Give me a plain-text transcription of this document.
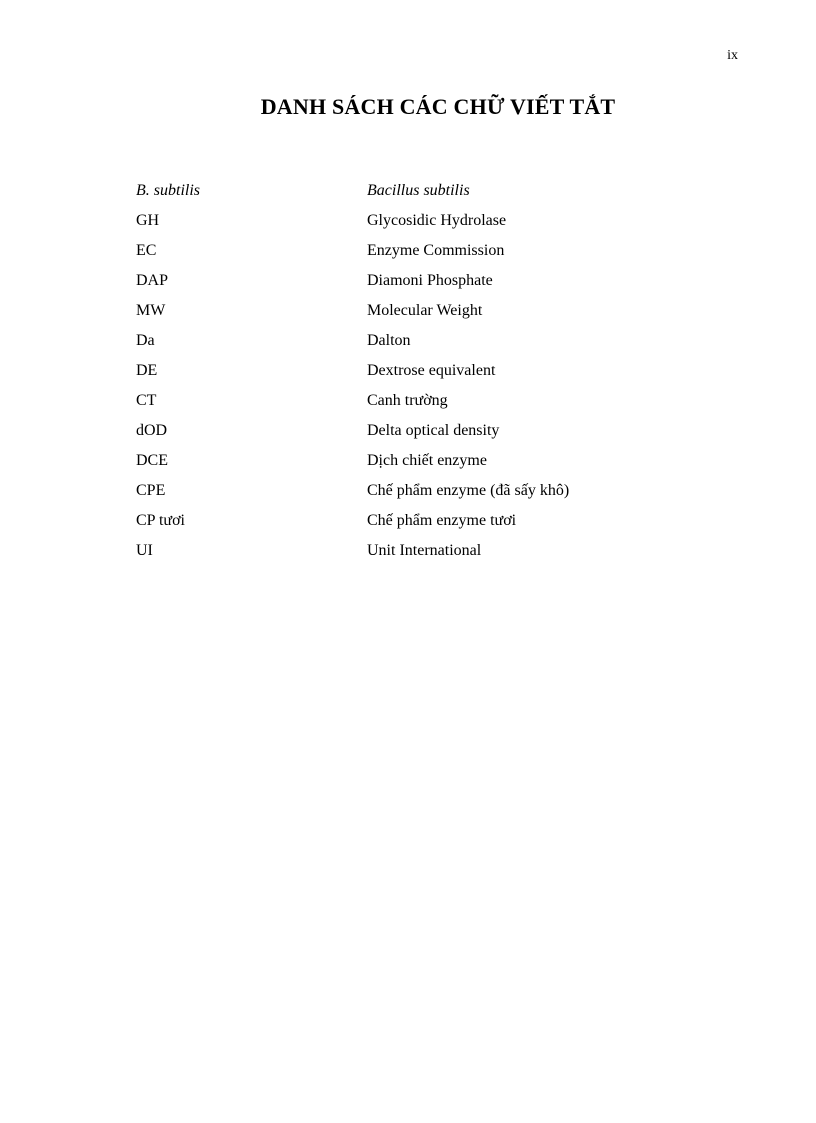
ix
DANH SÁCH CÁC CHỮ VIẾT TẮT
B. subtilis	Bacillus subtilis
GH	Glycosidic Hydrolase
EC	Enzyme Commission
DAP	Diamoni Phosphate
MW	Molecular Weight
Da	Dalton
DE	Dextrose equivalent
CT	Canh trường
dOD	Delta optical density
DCE	Dịch chiết enzyme
CPE	Chế phẩm enzyme (đã sấy khô)
CP tươi	Chế phẩm enzyme tươi
UI	Unit International
